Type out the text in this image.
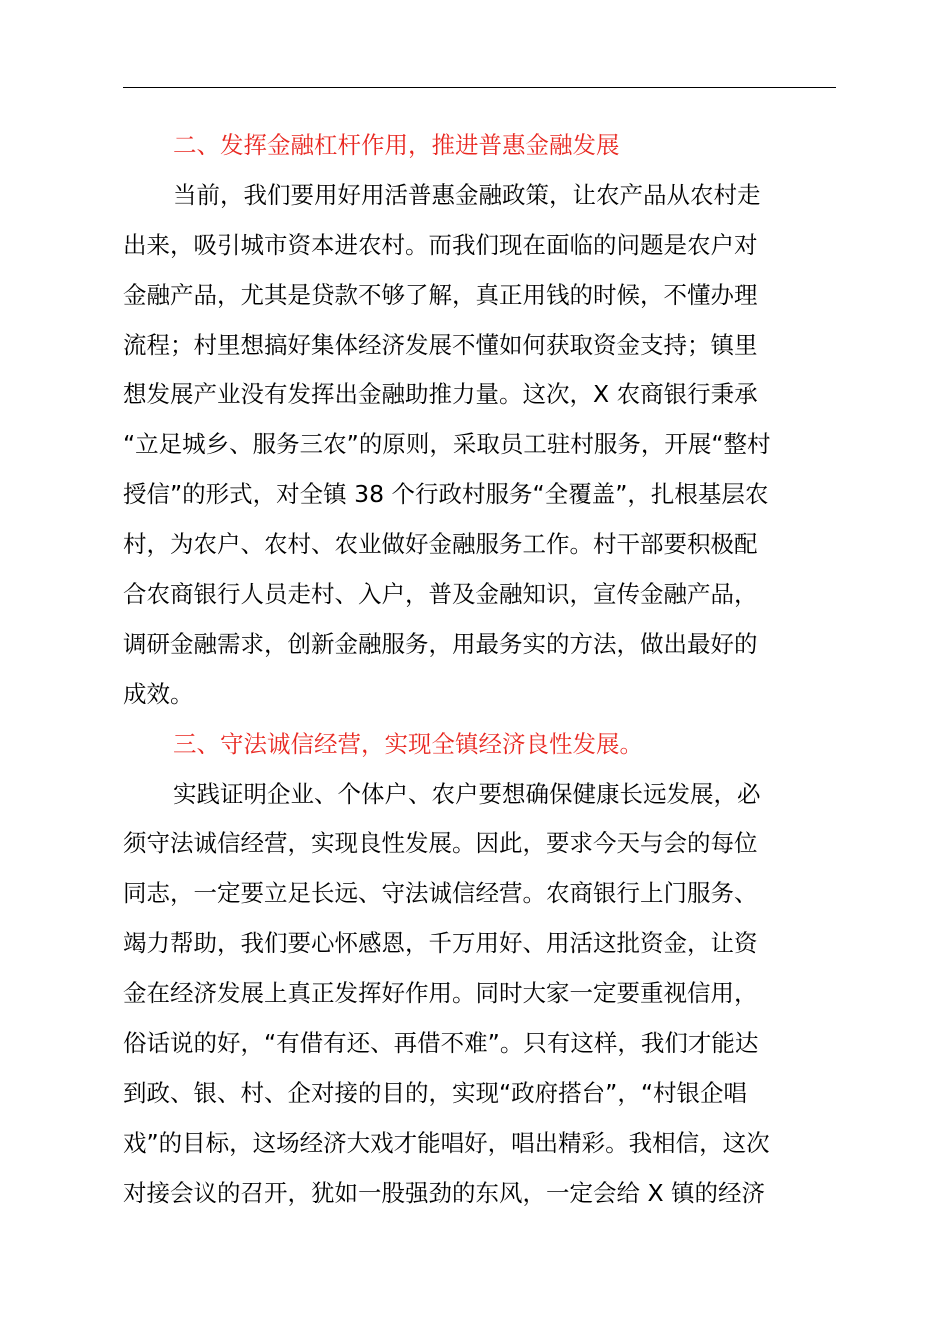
二、发挥金融杠杆作用，推进普惠金融发展
当前，我们要用好用活普惠金融政策，让农产品从农村走
出来，吸引城市资本进农村。而我们现在面临的问题是农户对
金融产品，尤其是贷款不够了解，真正用钱的时候，不懂办理
流程；村里想搞好集体经济发展不懂如何获取资金支持；镇里
想发展产业没有发挥出金融助推力量。这次，X 农商银行秉承
“立足城乡、服务三农”的原则，采取员工驻村服务，开展“整村
授信”的形式，对全镇 38 个行政村服务“全覆盖”，扎根基层农
村，为农户、农村、农业做好金融服务工作。村干部要积极配
合农商银行人员走村、入户，普及金融知识，宣传金融产品，
调研金融需求，创新金融服务，用最务实的方法，做出最好的
成效。
三、守法诚信经营，实现全镇经济良性发展。
实践证明企业、个体户、农户要想确保健康长远发展，必
须守法诚信经营，实现良性发展。因此，要求今天与会的每位
同志，一定要立足长远、守法诚信经营。农商银行上门服务、
竭力帮助，我们要心怀感恩，千万用好、用活这批资金，让资
金在经济发展上真正发挥好作用。同时大家一定要重视信用，
俗话说的好，“有借有还、再借不难”。只有这样，我们才能达
到政、银、村、企对接的目的，实现“政府搭台”，“村银企唱
戏”的目标，这场经济大戏才能唱好，唱出精彩。我相信，这次
对接会议的召开，犹如一股强劲的东风，一定会给 X 镇的经济
